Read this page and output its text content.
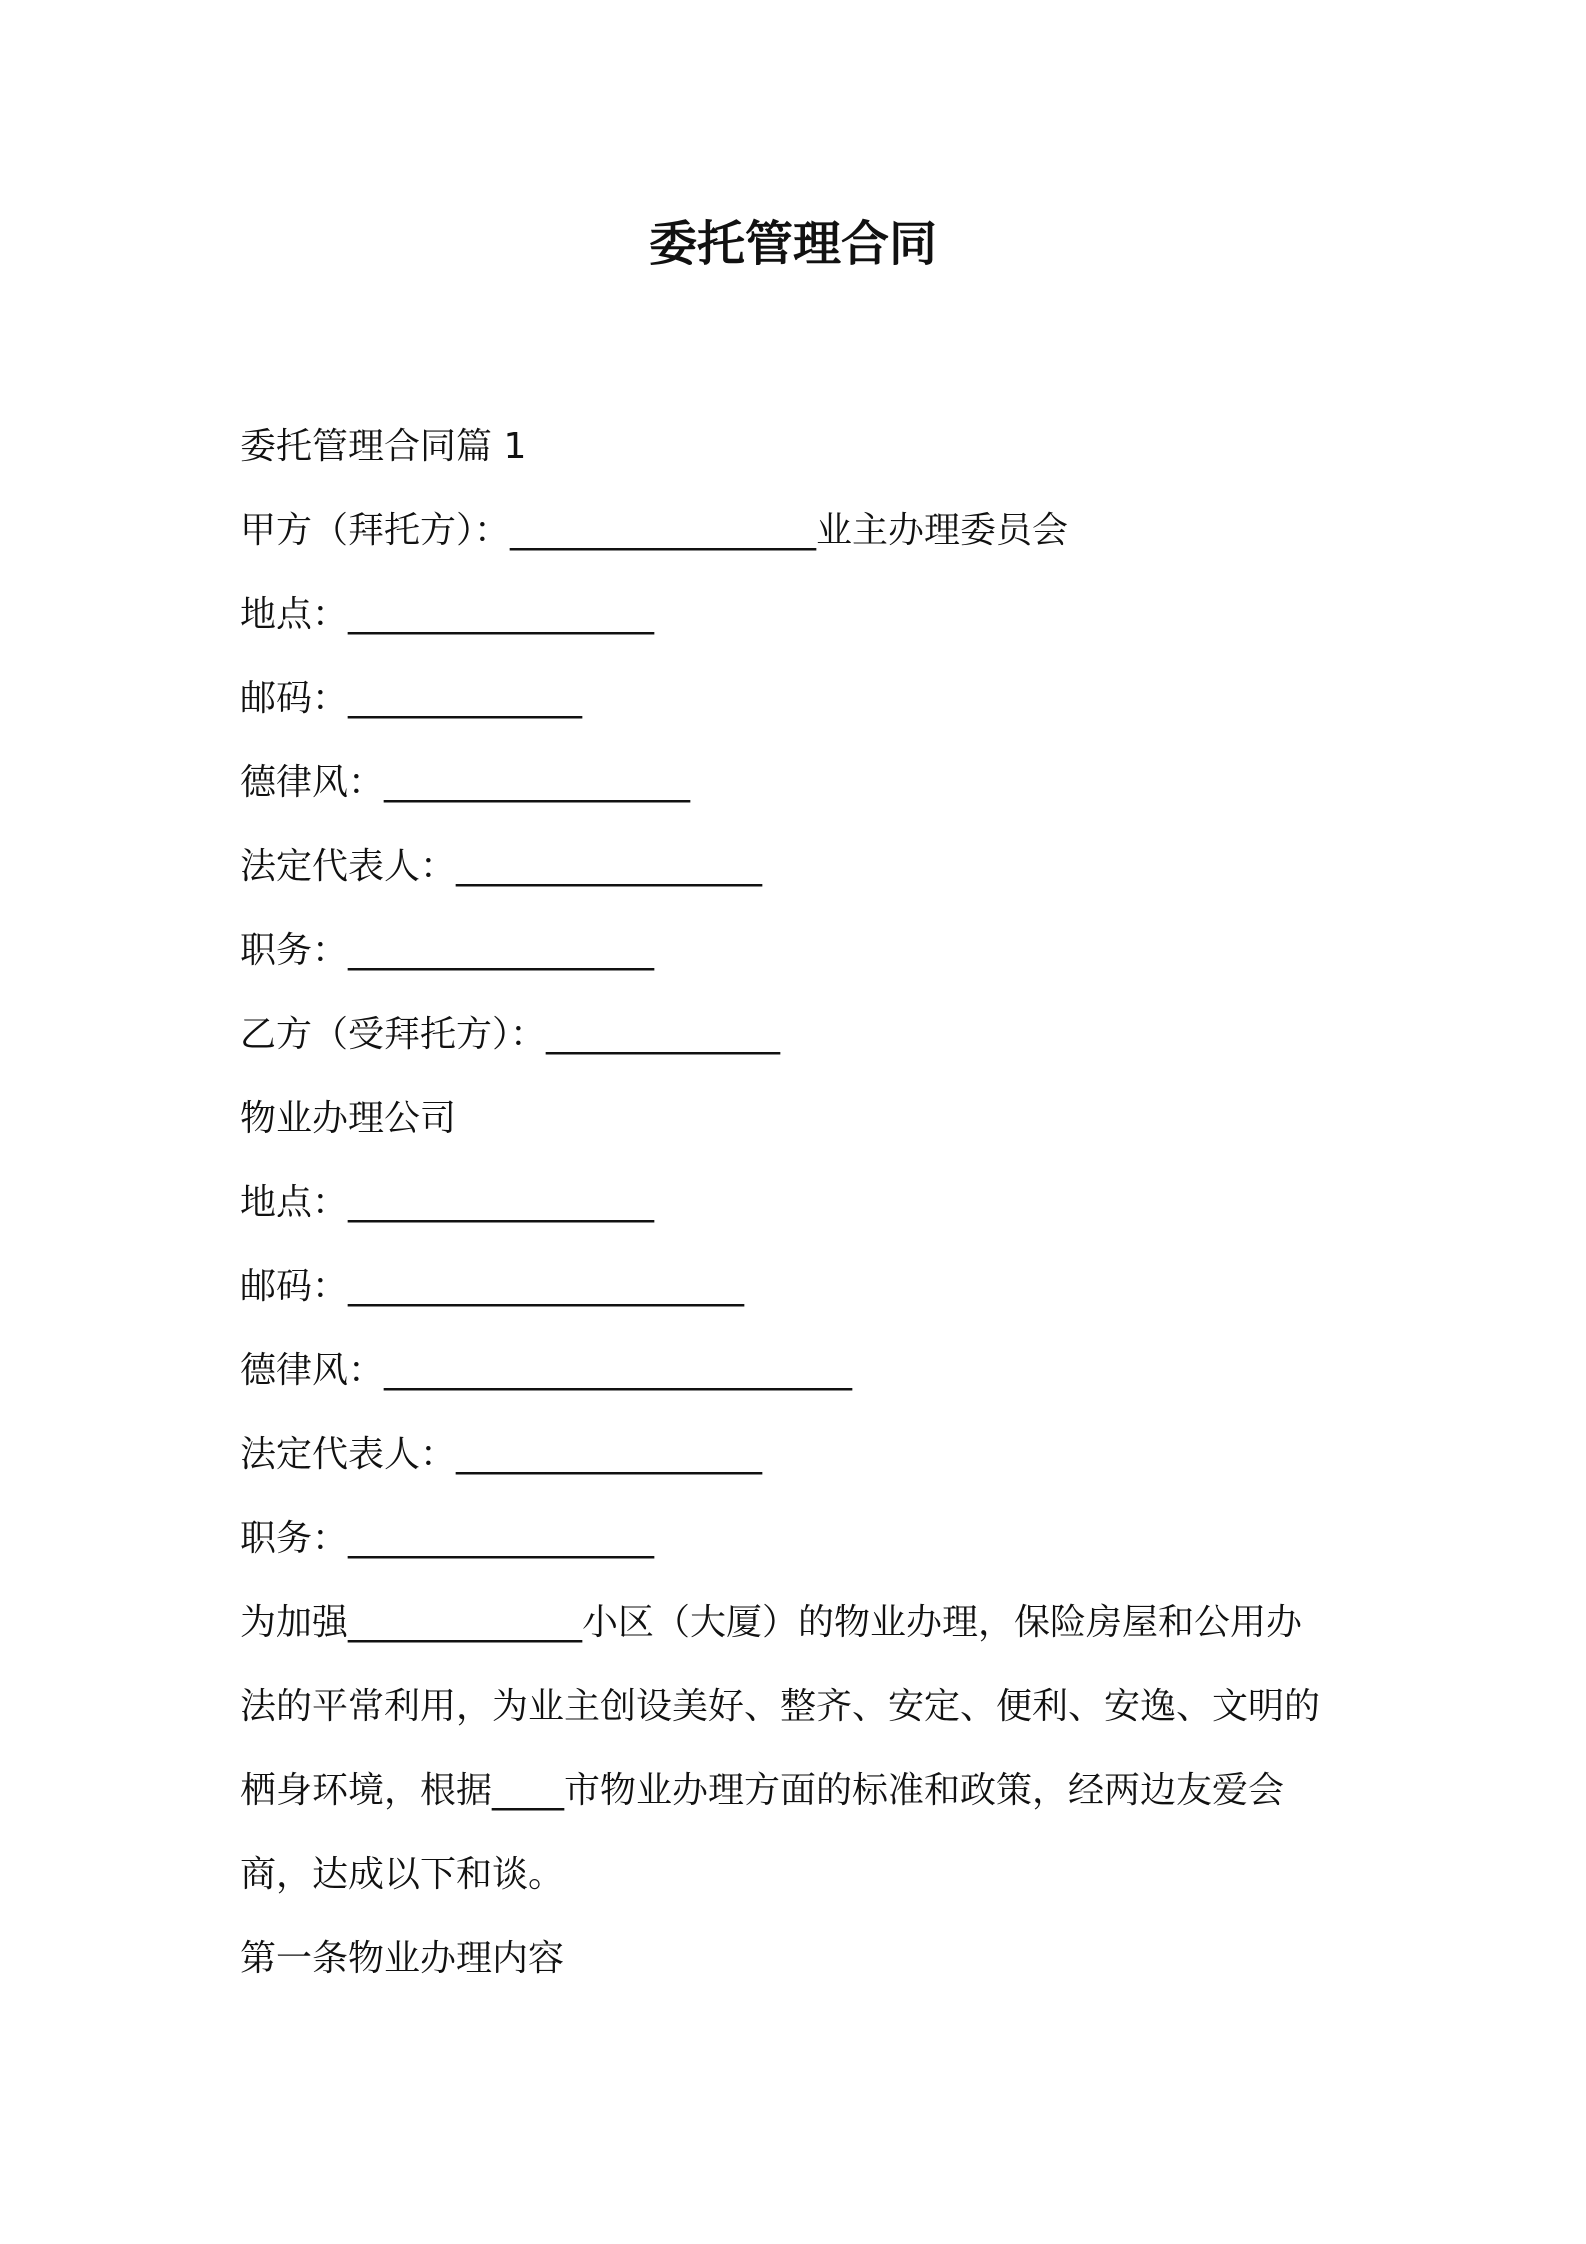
委托管理合同

委托管理合同篇 1

甲方（拜托方）：_________________业主办理委员会

地点：_________________

邮码：_____________

德律风：_________________

法定代表人：_________________

职务：_________________

乙方（受拜托方）：_____________

物业办理公司

地点：_________________

邮码：______________________

德律风：__________________________

法定代表人：_________________

职务：_________________

为加强_____________小区（大厦）的物业办理，保险房屋和公用办

法的平常利用，为业主创设美好、整齐、安定、便利、安逸、文明的

栖身环境，根据____市物业办理方面的标准和政策，经两边友爱会

商，达成以下和谈。

第一条物业办理内容
